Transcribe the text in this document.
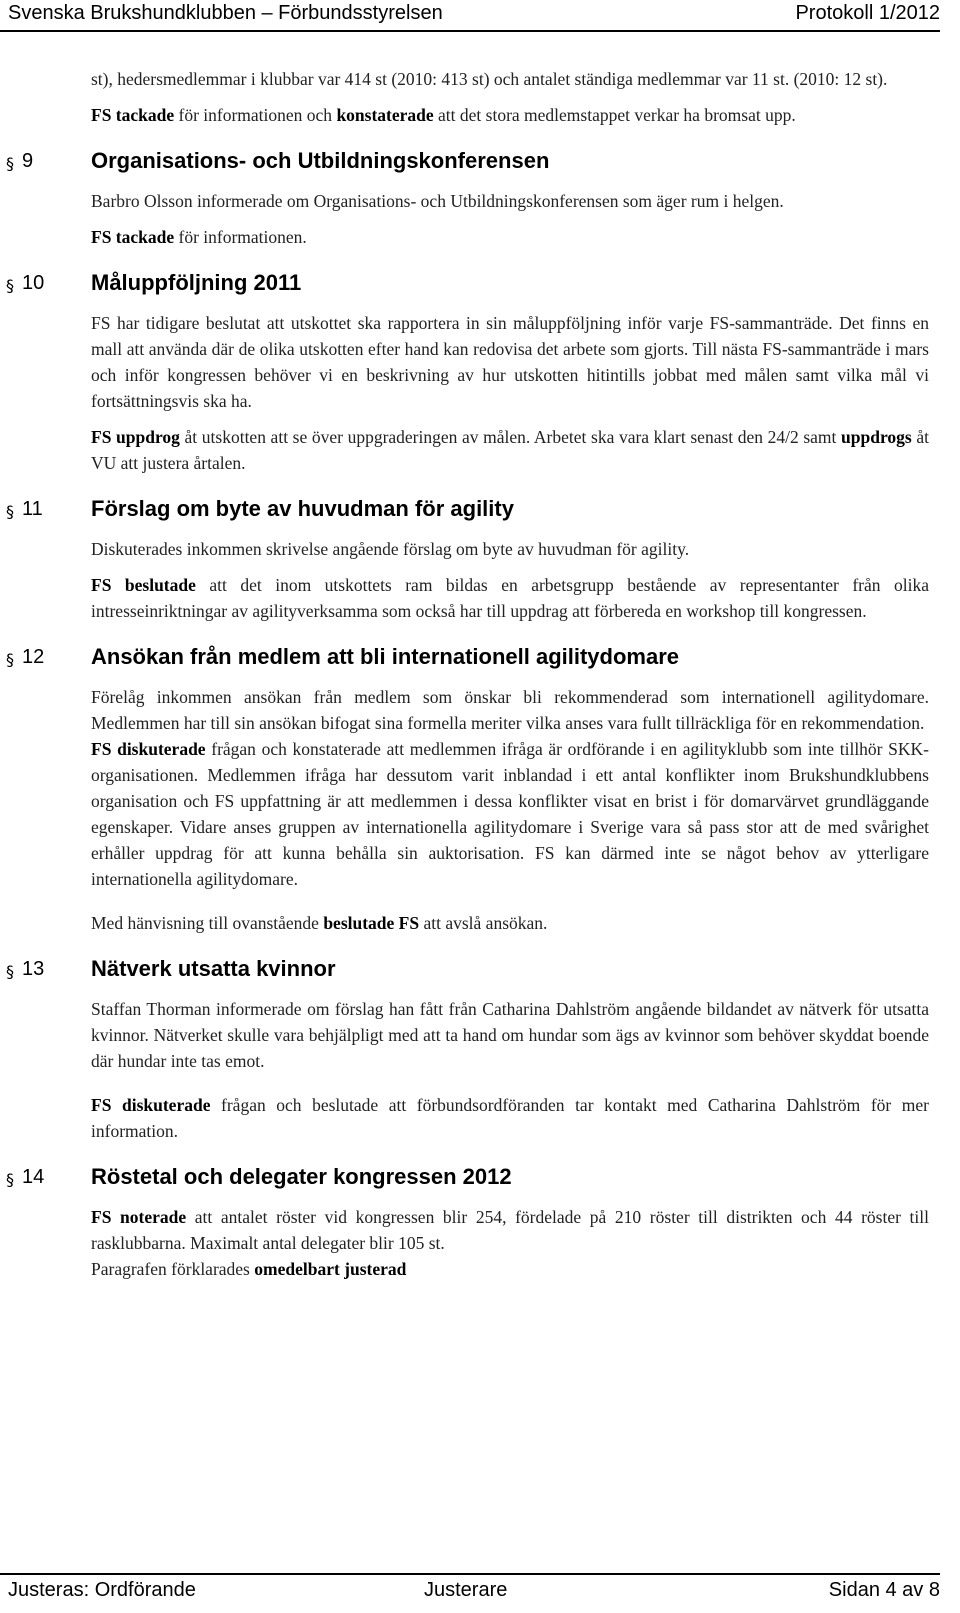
Svenska Brukshundklubben – Förbundsstyrelsen	Protokoll 1/2012

st), hedersmedlemmar i klubbar var 414 st (2010: 413 st) och antalet ständiga medlemmar var 11 st. (2010: 12 st).

FS tackade för informationen och konstaterade att det stora medlemstappet verkar ha bromsat upp.

§ 9	Organisations- och Utbildningskonferensen

Barbro Olsson informerade om Organisations- och Utbildningskonferensen som äger rum i helgen.

FS tackade för informationen.

§ 10 Måluppföljning 2011

FS har tidigare beslutat att utskottet ska rapportera in sin måluppföljning inför varje FS-sammanträde. Det finns en mall att använda där de olika utskotten efter hand kan redovisa det arbete som gjorts. Till nästa FS-sammanträde i mars och inför kongressen behöver vi en beskrivning av hur utskotten hitintills jobbat med målen samt vilka mål vi fortsättningsvis ska ha.

FS uppdrog åt utskotten att se över uppgraderingen av målen. Arbetet ska vara klart senast den 24/2 samt uppdrogs åt VU att justera årtalen.

§ 11 Förslag om byte av huvudman för agility

Diskuterades inkommen skrivelse angående förslag om byte av huvudman för agility.

FS beslutade att det inom utskottets ram bildas en arbetsgrupp bestående av representanter från olika intresseinriktningar av agilityverksamma som också har till uppdrag att förbereda en workshop till kongressen.

§ 12 Ansökan från medlem att bli internationell agilitydomare

Förelåg inkommen ansökan från medlem som önskar bli rekommenderad som internationell agilitydomare. Medlemmen har till sin ansökan bifogat sina formella meriter vilka anses vara fullt tillräckliga för en rekommendation.

FS diskuterade frågan och konstaterade att medlemmen ifråga är ordförande i en agilityklubb som inte tillhör SKK-organisationen. Medlemmen ifråga har dessutom varit inblandad i ett antal konflikter inom Brukshundklubbens organisation och FS uppfattning är att medlemmen i dessa konflikter visat en brist i för domarvärvet grundläggande egenskaper. Vidare anses gruppen av internationella agilitydomare i Sverige vara så pass stor att de med svårighet erhåller uppdrag för att kunna behålla sin auktorisation. FS kan därmed inte se något behov av ytterligare internationella agilitydomare.

Med hänvisning till ovanstående beslutade FS att avslå ansökan.

§ 13 Nätverk utsatta kvinnor

Staffan Thorman informerade om förslag han fått från Catharina Dahlström angående bildandet av nätverk för utsatta kvinnor. Nätverket skulle vara behjälpligt med att ta hand om hundar som ägs av kvinnor som behöver skyddat boende där hundar inte tas emot.

FS diskuterade frågan och beslutade att förbundsordföranden tar kontakt med Catharina Dahlström för mer information.

§ 14 Röstetal och delegater kongressen 2012

FS noterade att antalet röster vid kongressen blir 254, fördelade på 210 röster till distrikten och 44 röster till rasklubbarna. Maximalt antal delegater blir 105 st.

Paragrafen förklarades omedelbart justerad

Justeras: Ordförande	Justerare	Sidan 4 av 8
